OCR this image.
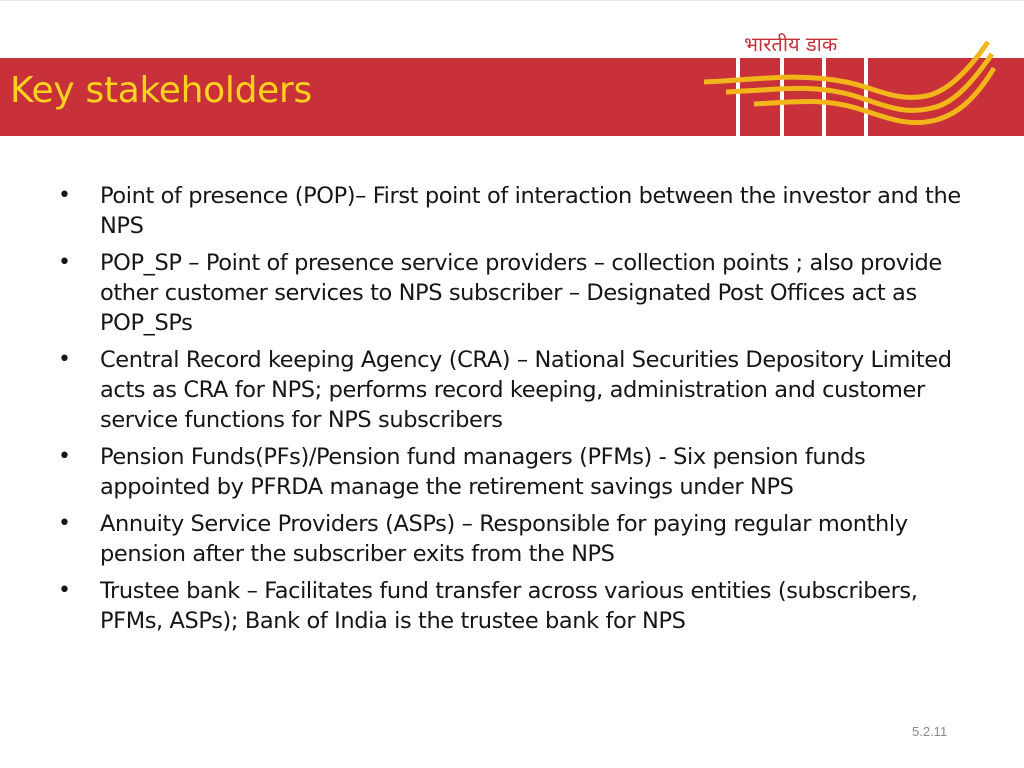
Key stakeholders
भारतीय डाक
• Point of presence (POP)– First point of interaction between the investor and the NPS
• POP_SP – Point of presence service providers – collection points ; also provide other customer services to NPS subscriber – Designated Post Offices act as POP_SPs
• Central Record keeping Agency (CRA) – National Securities Depository Limited acts as CRA for NPS; performs record keeping, administration and customer service functions for NPS subscribers
• Pension Funds(PFs)/Pension fund managers (PFMs) - Six pension funds appointed by PFRDA manage the retirement savings under NPS
• Annuity Service Providers (ASPs) – Responsible for paying regular monthly pension after the subscriber exits from the NPS
• Trustee bank – Facilitates fund transfer across various entities (subscribers, PFMs, ASPs); Bank of India is the trustee bank for NPS
5.2.11
